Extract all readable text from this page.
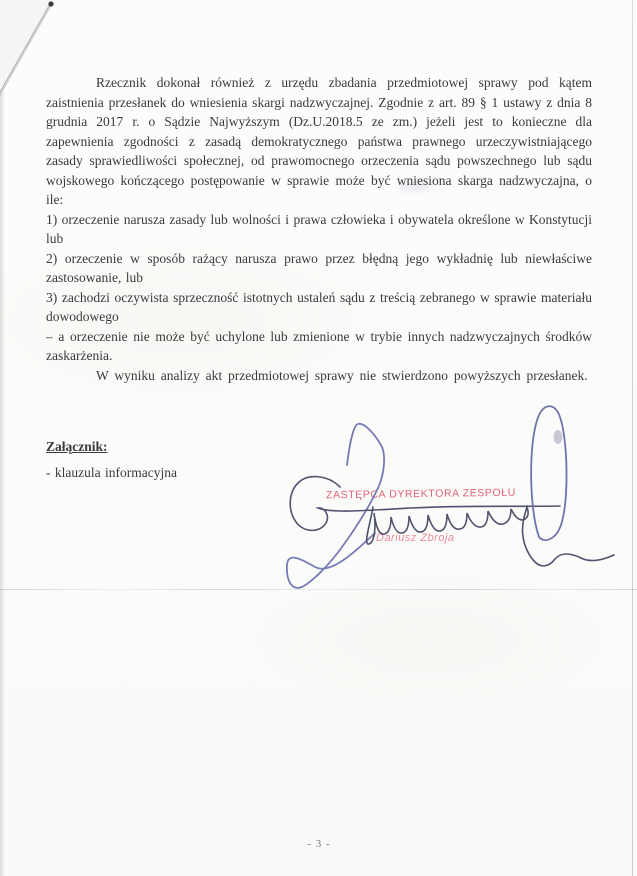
Rzecznik dokonał również z urzędu zbadania przedmiotowej sprawy pod kątem zaistnienia przesłanek do wniesienia skargi nadzwyczajnej. Zgodnie z art. 89 § 1 ustawy z dnia 8 grudnia 2017 r. o Sądzie Najwyższym (Dz.U.2018.5 ze zm.) jeżeli jest to konieczne dla zapewnienia zgodności z zasadą demokratycznego państwa prawnego urzeczywistniającego zasady sprawiedliwości społecznej, od prawomocnego orzeczenia sądu powszechnego lub sądu wojskowego kończącego postępowanie w sprawie może być wniesiona skarga nadzwyczajna, o ile:

1) orzeczenie narusza zasady lub wolności i prawa człowieka i obywatela określone w Konstytucji lub

2) orzeczenie w sposób rażący narusza prawo przez błędną jego wykładnię lub niewłaściwe zastosowanie, lub

3) zachodzi oczywista sprzeczność istotnych ustaleń sądu z treścią zebranego w sprawie materiału dowodowego

– a orzeczenie nie może być uchylone lub zmienione w trybie innych nadzwyczajnych środków zaskarżenia.

W wyniku analizy akt przedmiotowej sprawy nie stwierdzono powyższych przesłanek.

Załącznik:

- klauzula informacyjna

ZASTĘPCA DYREKTORA ZESPOŁU
Dariusz Zbroja
- 3 -
